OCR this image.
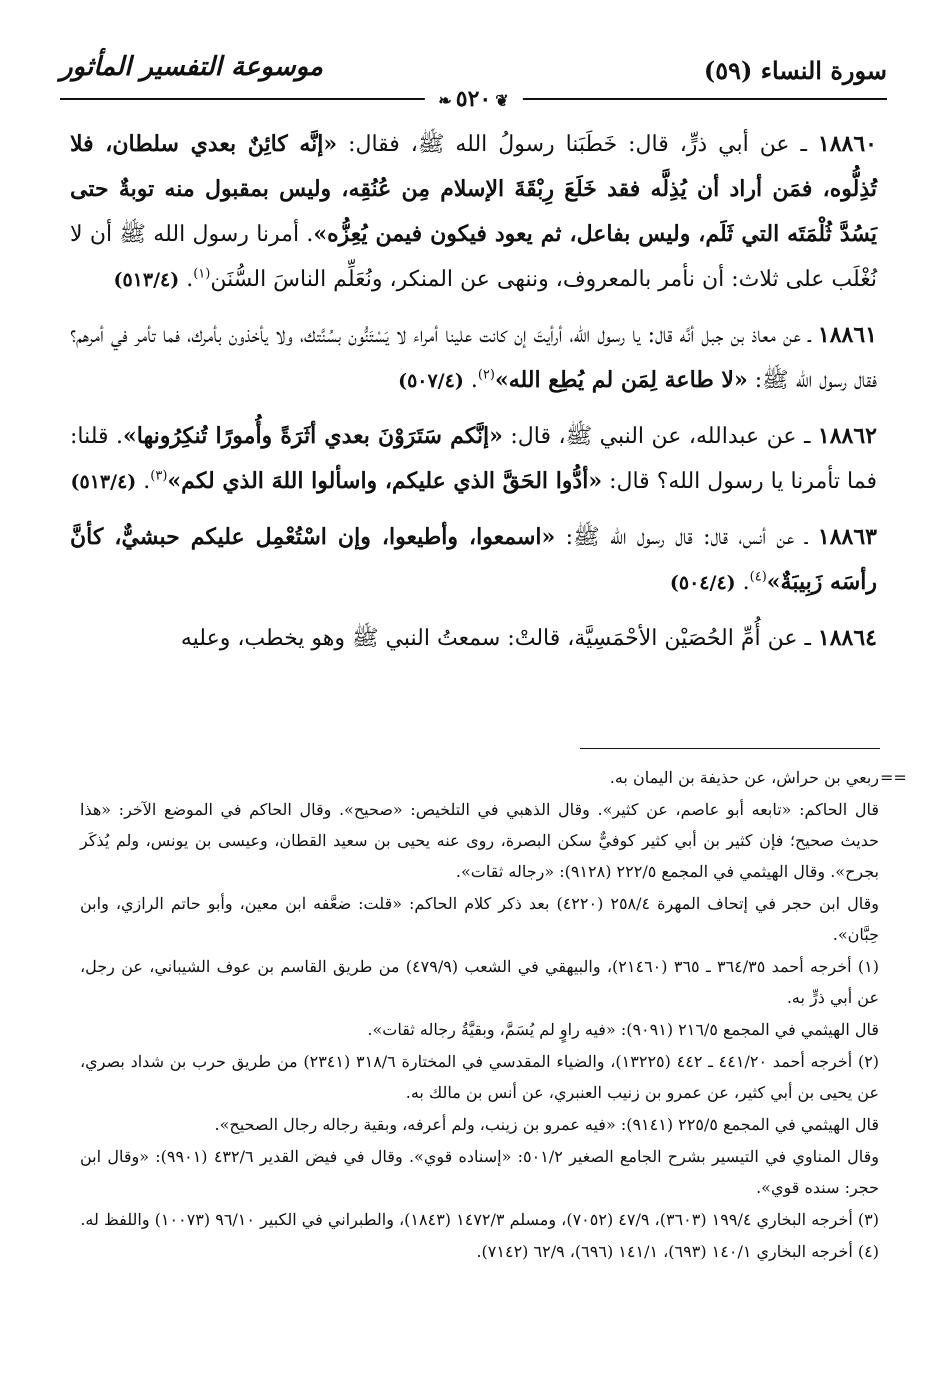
سورة النساء (٥٩)
موسوعة التفسير المأثور
❦٥٢٠❧

١٨٨٦٠ ـ عن أبي ذرٍّ، قال: خَطَبَنا رسولُ الله ﷺ، فقال: «إنَّه كائِنٌ بعدي سلطان، فلا تُذِلُّوه، فمَن أراد أن يُذِلَّه فقد خَلَعَ رِبْقَةَ الإسلام مِن عُنُقِه، وليس بمقبول منه توبةٌ حتى يَسُدَّ ثُلْمَتَه التي ثَلَم، وليس بفاعل، ثم يعود فيكون فيمن يُعِزُّه». أمرنا رسول الله ﷺ أن لا نُغْلَب على ثلاث: أن نأمر بالمعروف، وننهى عن المنكر، ونُعَلِّم الناسَ السُّنَن$^{(١)}$. (٥١٣/٤)

١٨٨٦١ ـ عن معاذ بن جبل أنَّه قال: يا رسول الله، أرأيتَ إن كانت علينا أمراء لا يَسْتَنُّون بسُنَّتك، ولا يأخذون بأمرك، فما تأمر في أمرهم؟ فقال رسول الله ﷺ: «لا طاعة لِمَن لم يُطِع الله»$^{(٢)}$. (٥٠٧/٤)

١٨٨٦٢ ـ عن عبدالله، عن النبي ﷺ، قال: «إنَّكم سَتَرَوْنَ بعدي أثَرَةً وأُمورًا تُنكِرُونها». قلنا: فما تأمرنا يا رسول الله؟ قال: «أدُّوا الحَقَّ الذي عليكم، واسألوا اللهَ الذي لكم»$^{(٣)}$. (٥١٣/٤)

١٨٨٦٣ ـ عن أنس، قال: قال رسول الله ﷺ: «اسمعوا، وأطيعوا، وإن اسْتُعْمِل عليكم حبشيٌّ، كأنَّ رأسَه زَبِيبَةٌ»$^{(٤)}$. (٥٠٤/٤)

١٨٨٦٤ ـ عن أُمِّ الحُصَيْن الأحْمَسِيَّة، قالتْ: سمعتُ النبي ﷺ وهو يخطب، وعليه

==

ربعي بن حراش، عن حذيفة بن اليمان به.

قال الحاكم: «تابعه أبو عاصم، عن كثير». وقال الذهبي في التلخيص: «صحيح». وقال الحاكم في الموضع الآخر: «هذا حديث صحيح؛ فإن كثير بن أبي كثير كوفيٌّ سكن البصرة، روى عنه يحيى بن سعيد القطان، وعيسى بن يونس، ولم يُذكَر بجرح». وقال الهيثمي في المجمع ٢٢٢/٥ (٩١٢٨): «رجاله ثقات».

وقال ابن حجر في إتحاف المهرة ٢٥٨/٤ (٤٢٢٠) بعد ذكر كلام الحاكم: «قلت: ضعَّفه ابن معين، وأبو حاتم الرازي، وابن حِبَّان».

(١) أخرجه أحمد ٣٦٤/٣٥ ـ ٣٦٥ (٢١٤٦٠)، والبيهقي في الشعب (٤٧٩/٩) من طريق القاسم بن عوف الشيباني، عن رجل، عن أبي ذرٍّ به.

قال الهيثمي في المجمع ٢١٦/٥ (٩٠٩١): «فيه راوٍ لم يُسَمَّ، وبقيَّةُ رجاله ثقات».

(٢) أخرجه أحمد ٤٤١/٢٠ ـ ٤٤٢ (١٣٢٢٥)، والضياء المقدسي في المختارة ٣١٨/٦ (٢٣٤١) من طريق حرب بن شداد بصري، عن يحيى بن أبي كثير، عن عمرو بن زنيب العنبري، عن أنس بن مالك به.

قال الهيثمي في المجمع ٢٢٥/٥ (٩١٤١): «فيه عمرو بن زينب، ولم أعرفه، وبقية رجاله رجال الصحيح».

وقال المناوي في التيسير بشرح الجامع الصغير ٥٠١/٢: «إسناده قوي». وقال في فيض القدير ٤٣٢/٦ (٩٩٠١): «وقال ابن حجر: سنده قوي».

(٣) أخرجه البخاري ١٩٩/٤ (٣٦٠٣)، ٤٧/٩ (٧٠٥٢)، ومسلم ١٤٧٢/٣ (١٨٤٣)، والطبراني في الكبير ٩٦/١٠ (١٠٠٧٣) واللفظ له.

(٤) أخرجه البخاري ١٤٠/١ (٦٩٣)، ١٤١/١ (٦٩٦)، ٦٢/٩ (٧١٤٢).
